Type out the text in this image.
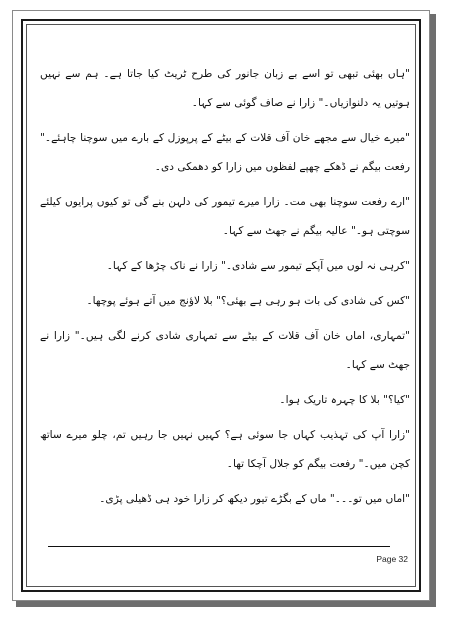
"ہاں بھئی تبھی تو اسے بے زبان جانور کی طرح ٹریٹ کیا جاتا ہے۔ ہم سے نہیں ہوتیں یہ دلنوازیاں۔" زارا نے صاف گوئی سے کہا۔

"میرے خیال سے مجھے خان آف قلات کے بیٹے کے پرپوزل کے بارے میں سوچنا چاہئے۔" رفعت بیگم نے ڈھکے چھپے لفظوں میں زارا کو دھمکی دی۔

"ارے رفعت سوچنا بھی مت۔ زارا میرے تیمور کی دلہن بنے گی تو کیوں پرایوں کیلئے سوچتی ہو۔" عالیہ بیگم نے جھٹ سے کہا۔

"کرہی نہ لوں میں آپکے تیمور سے شادی۔" زارا نے ناک چڑھا کے کہا۔

"کس کی شادی کی بات ہو رہی ہے بھئی؟" بلا لاؤنج میں آتے ہوئے پوچھا۔

"تمہاری، اماں خان آف قلات کے بیٹے سے تمہاری شادی کرنے لگی ہیں۔" زارا نے جھٹ سے کہا۔

"کیا؟" بلا کا چہرہ تاریک ہوا۔

"زارا آپ کی تہذیب کہاں جا سوئی ہے؟ کہیں نہیں جا رہیں تم، چلو میرے ساتھ کچن میں۔" رفعت بیگم کو جلال آچکا تھا۔

"اماں میں تو۔۔۔" ماں کے بگڑے تیور دیکھ کر زارا خود ہی ڈھیلی پڑی۔

Page 32
